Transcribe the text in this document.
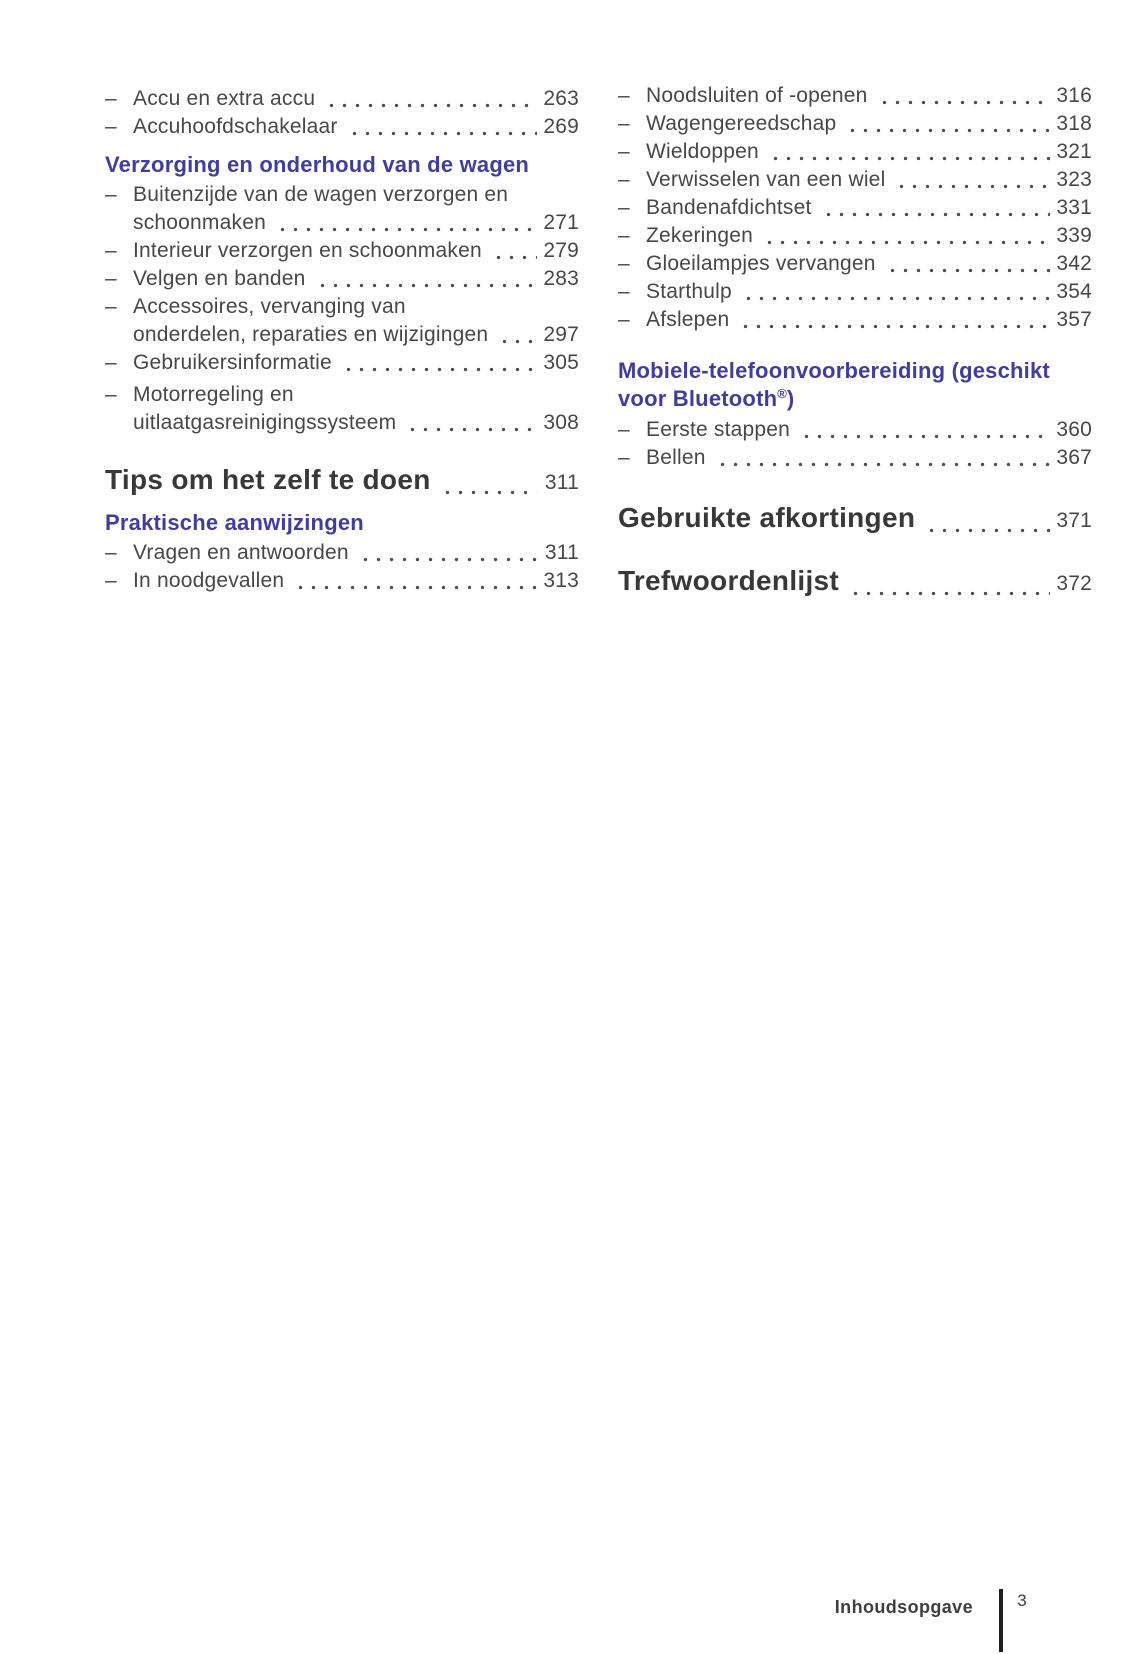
– Accu en extra accu	263
– Accuhoofdschakelaar	269
Verzorging en onderhoud van de wagen
– Buitenzijde van de wagen verzorgen en
schoonmaken	271
– Interieur verzorgen en schoonmaken	279
– Velgen en banden	283
– Accessoires, vervanging van
onderdelen, reparaties en wijzigingen	297
– Gebruikersinformatie	305
– Motorregeling en
uitlaatgasreinigingssysteem	308
Tips om het zelf te doen	311
Praktische aanwijzingen
– Vragen en antwoorden	311
– In noodgevallen	313
– Noodsluiten of -openen	316
– Wagengereedschap	318
– Wieldoppen	321
– Verwisselen van een wiel	323
– Bandenafdichtset	331
– Zekeringen	339
– Gloeilampjes vervangen	342
– Starthulp	354
– Afslepen	357
Mobiele-telefoonvoorbereiding (geschikt
voor Bluetooth®)
– Eerste stappen	360
– Bellen	367
Gebruikte afkortingen	371
Trefwoordenlijst	372
Inhoudsopgave	3
